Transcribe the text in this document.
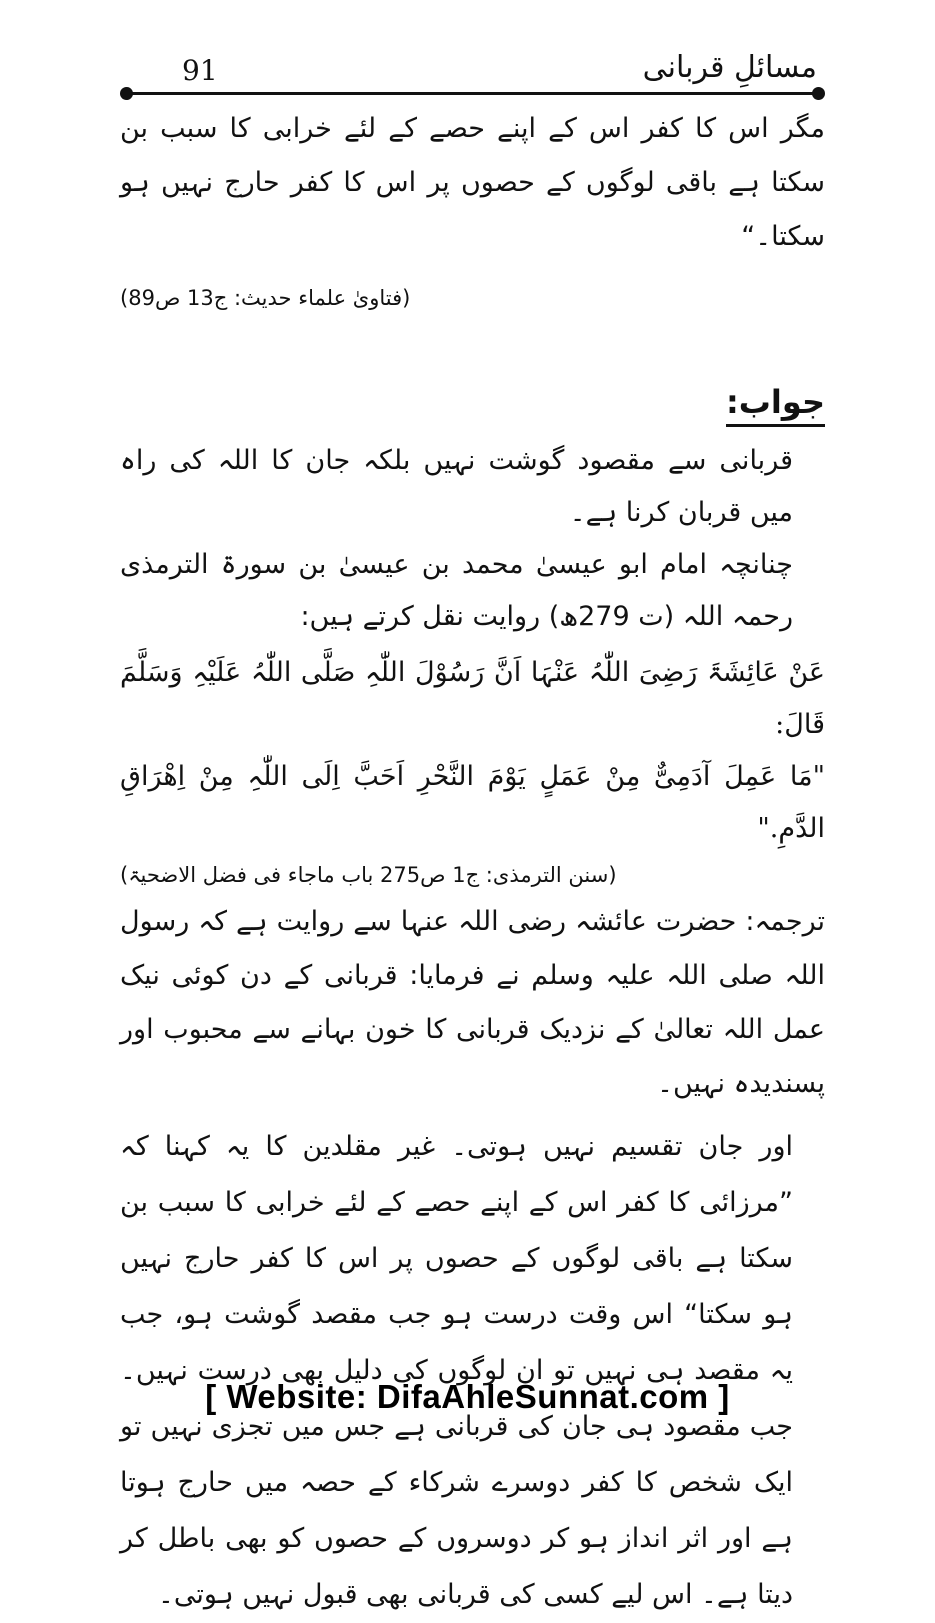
91	مسائلِ قربانی

مگر اس کا کفر اس کے اپنے حصے کے لئے خرابی کا سبب بن سکتا ہے باقی لوگوں کے حصوں پر اس کا کفر حارج نہیں ہو سکتا۔“

(فتاویٰ علماء حدیث: ج13 ص89)

جواب:

قربانی سے مقصود گوشت نہیں بلکہ جان کا اللہ کی راہ میں قربان کرنا ہے۔

چنانچہ امام ابو عیسیٰ محمد بن عیسیٰ بن سورۃ الترمذی رحمہ اللہ (ت 279ھ) روایت نقل کرتے ہیں:

عَنْ عَائِشَۃَ رَضِیَ اللّٰہُ عَنْہَا اَنَّ رَسُوْلَ اللّٰہِ صَلَّی اللّٰہُ عَلَیْہِ وَسَلَّمَ قَالَ:

"مَا عَمِلَ آدَمِیٌّ مِنْ عَمَلٍ یَوْمَ النَّحْرِ اَحَبَّ اِلَی اللّٰہِ مِنْ اِھْرَاقِ الدَّمِ."

(سنن الترمذی: ج1 ص275 باب ماجاء فی فضل الاضحیۃ)

ترجمہ: حضرت عائشہ رضی اللہ عنہا سے روایت ہے کہ رسول اللہ صلی اللہ علیہ وسلم نے فرمایا: قربانی کے دن کوئی نیک عمل اللہ تعالیٰ کے نزدیک قربانی کا خون بہانے سے محبوب اور پسندیدہ نہیں۔

اور جان تقسیم نہیں ہوتی۔ غیر مقلدین کا یہ کہنا کہ ”مرزائی کا کفر اس کے اپنے حصے کے لئے خرابی کا سبب بن سکتا ہے باقی لوگوں کے حصوں پر اس کا کفر حارج نہیں ہو سکتا“ اس وقت درست ہو جب مقصد گوشت ہو، جب یہ مقصد ہی نہیں تو ان لوگوں کی دلیل بھی درست نہیں۔ جب مقصود ہی جان کی قربانی ہے جس میں تجزی نہیں تو ایک شخص کا کفر دوسرے شرکاء کے حصہ میں حارج ہوتا ہے اور اثر انداز ہو کر دوسروں کے حصوں کو بھی باطل کر دیتا ہے۔ اس لیے کسی کی قربانی بھی قبول نہیں ہوتی۔

[ Website: DifaAhleSunnat.com ]
